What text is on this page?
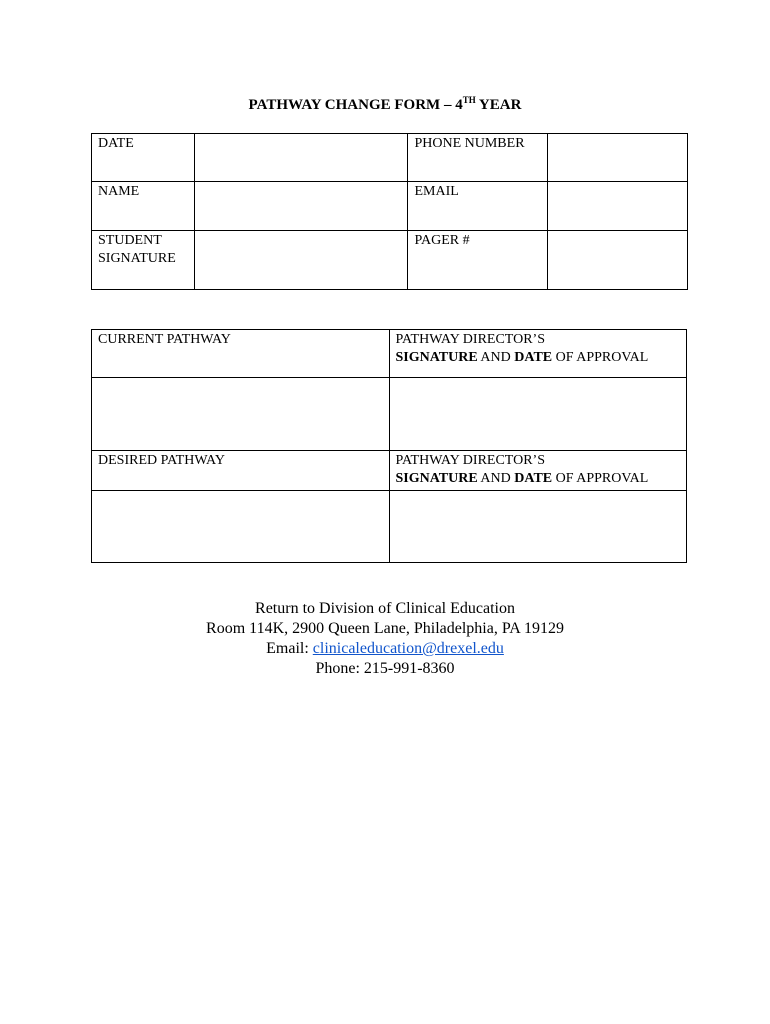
PATHWAY CHANGE FORM – 4TH YEAR
DATE		PHONE NUMBER	
NAME		EMAIL	
STUDENT
SIGNATURE		PAGER #	
CURRENT PATHWAY	PATHWAY DIRECTOR’S
SIGNATURE AND DATE OF APPROVAL

DESIRED PATHWAY	PATHWAY DIRECTOR’S
SIGNATURE AND DATE OF APPROVAL

Return to Division of Clinical Education
Room 114K, 2900 Queen Lane, Philadelphia, PA 19129
Email: clinicaleducation@drexel.edu
Phone: 215-991-8360
